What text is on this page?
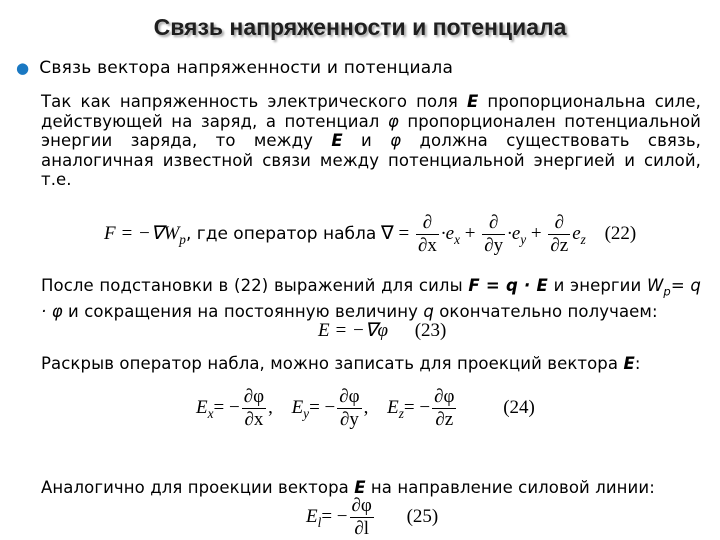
Связь напряженности и потенциала
● Связь вектора напряженности и потенциала
Так как напряженность электрического поля E пропорциональна силе, действующей на заряд, а потенциал φ пропорционален потенциальной энергии заряда, то между E и φ должна существовать связь, аналогичная известной связи между потенциальной энергией и силой, т.е.
$F = -\nabla W_p$, где оператор набла ∇ = $\frac{\partial}{\partial x} \cdot e_x + \frac{\partial}{\partial y} \cdot e_y + \frac{\partial}{\partial z} e_z$ (22)
После подстановки в (22) выражений для силы F = q · E и энергии $W_p= q \cdot \varphi$ и сокращения на постоянную величину q окончательно получаем:
E = −∇φ (23)
Раскрыв оператор набла, можно записать для проекций вектора E:
$E_x= - \frac{\partial\varphi}{\partial x}$ , $E_y= - \frac{\partial\varphi}{\partial y}$ , $E_z= - \frac{\partial\varphi}{\partial z} (24)$
Аналогично для проекции вектора E на направление силовой линии:
$E_l= - \frac{\partial\varphi}{\partial l} (25)$
